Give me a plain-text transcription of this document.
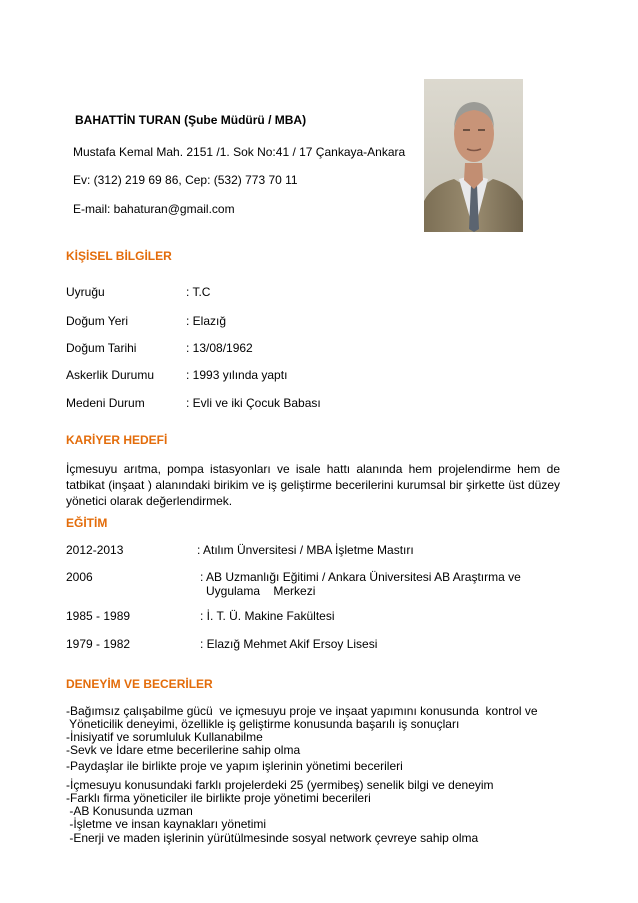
BAHATTİN TURAN (Şube Müdürü / MBA)
Mustafa Kemal Mah. 2151 /1. Sok No:41 / 17 Çankaya-Ankara
Ev: (312) 219 69 86, Cep: (532) 773 70 11
E-mail: bahaturan@gmail.com
KİŞİSEL BİLGİLER
Uyruğu	: T.C
Doğum Yeri	: Elazığ
Doğum Tarihi	: 13/08/1962
Askerlik Durumu	: 1993 yılında yaptı
Medeni Durum	: Evli ve iki Çocuk Babası
KARİYER HEDEFİ
İçmesuyu arıtma, pompa istasyonları ve isale hattı alanında hem projelendirme hem de
tatbikat (inşaat ) alanındaki birikim ve iş geliştirme becerilerini kurumsal bir şirkette üst düzey
yönetici olarak değerlendirmek.
EĞİTİM
2012-2013	: Atılım Ünversitesi / MBA İşletme Mastırı
2006	: AB Uzmanlığı Eğitimi / Ankara Üniversitesi AB Araştırma ve
Uygulama    Merkezi
1985 - 1989	: İ. T. Ü. Makine Fakültesi
1979 - 1982	: Elazığ Mehmet Akif Ersoy Lisesi
DENEYİM VE BECERİLER
-Bağımsız çalışabilme gücü  ve içmesuyu proje ve inşaat yapımını konusunda  kontrol ve
Yöneticilik deneyimi, özellikle iş geliştirme konusunda başarılı iş sonuçları
-İnisiyatif ve sorumluluk Kullanabilme
-Sevk ve İdare etme becerilerine sahip olma
-Paydaşlar ile birlikte proje ve yapım işlerinin yönetimi becerileri
-İçmesuyu konusundaki farklı projelerdeki 25 (yermibeş) senelik bilgi ve deneyim
-Farklı firma yöneticiler ile birlikte proje yönetimi becerileri
-AB Konusunda uzman
-İşletme ve insan kaynakları yönetimi
-Enerji ve maden işlerinin yürütülmesinde sosyal network çevreye sahip olma
